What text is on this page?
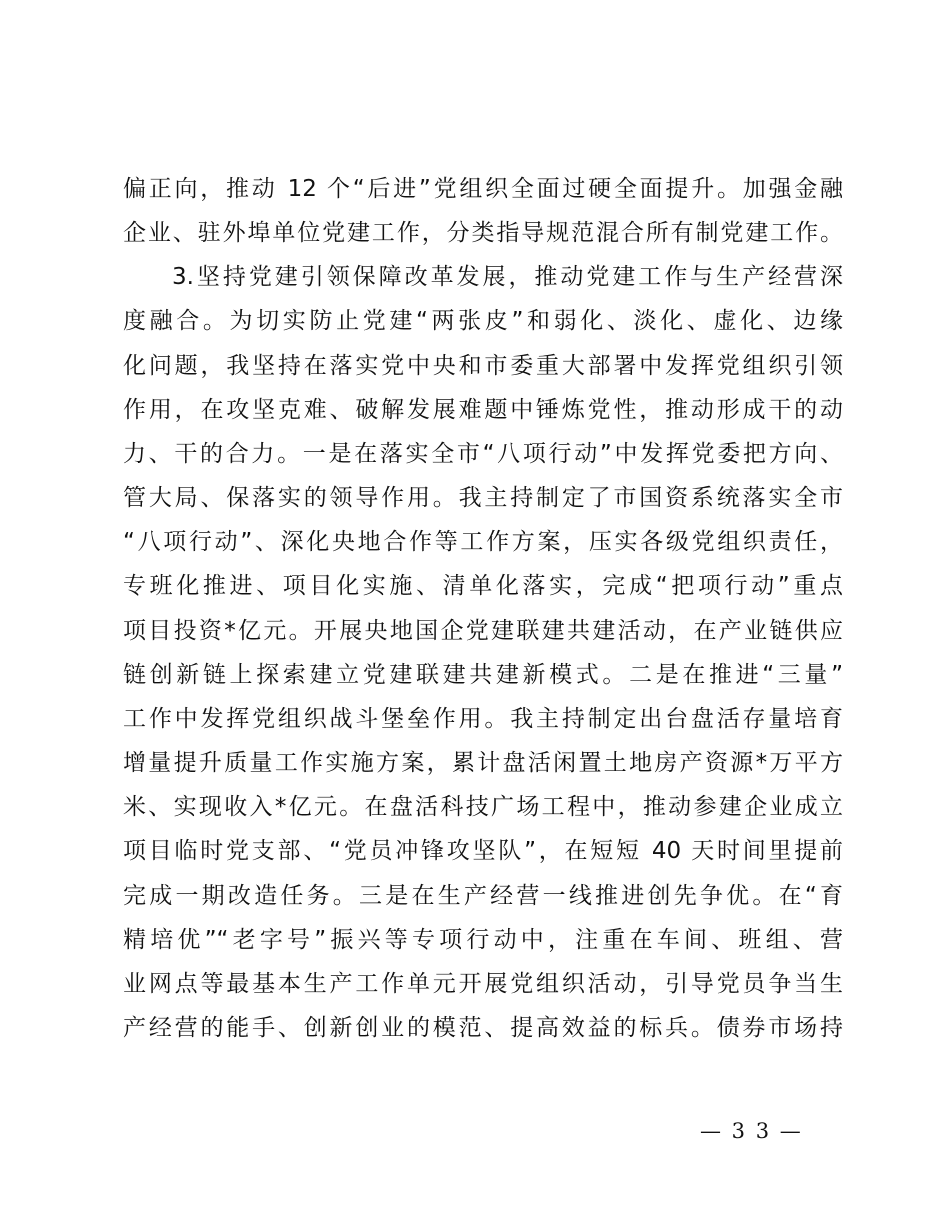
偏正向，推动 12 个“后进”党组织全面过硬全面提升。加强金融
企业、驻外埠单位党建工作，分类指导规范混合所有制党建工作。
3.坚持党建引领保障改革发展，推动党建工作与生产经营深
度融合。为切实防止党建“两张皮”和弱化、淡化、虚化、边缘
化问题，我坚持在落实党中央和市委重大部署中发挥党组织引领
作用，在攻坚克难、破解发展难题中锤炼党性，推动形成干的动
力、干的合力。一是在落实全市“八项行动”中发挥党委把方向、
管大局、保落实的领导作用。我主持制定了市国资系统落实全市
“八项行动”、深化央地合作等工作方案，压实各级党组织责任，
专班化推进、项目化实施、清单化落实，完成“把项行动”重点
项目投资*亿元。开展央地国企党建联建共建活动，在产业链供应
链创新链上探索建立党建联建共建新模式。二是在推进“三量”
工作中发挥党组织战斗堡垒作用。我主持制定出台盘活存量培育
增量提升质量工作实施方案，累计盘活闲置土地房产资源*万平方
米、实现收入*亿元。在盘活科技广场工程中，推动参建企业成立
项目临时党支部、“党员冲锋攻坚队”，在短短 40 天时间里提前
完成一期改造任务。三是在生产经营一线推进创先争优。在“育
精培优”“老字号”振兴等专项行动中，注重在车间、班组、营
业网点等最基本生产工作单元开展党组织活动，引导党员争当生
产经营的能手、创新创业的模范、提高效益的标兵。债券市场持
— 3 3 —
